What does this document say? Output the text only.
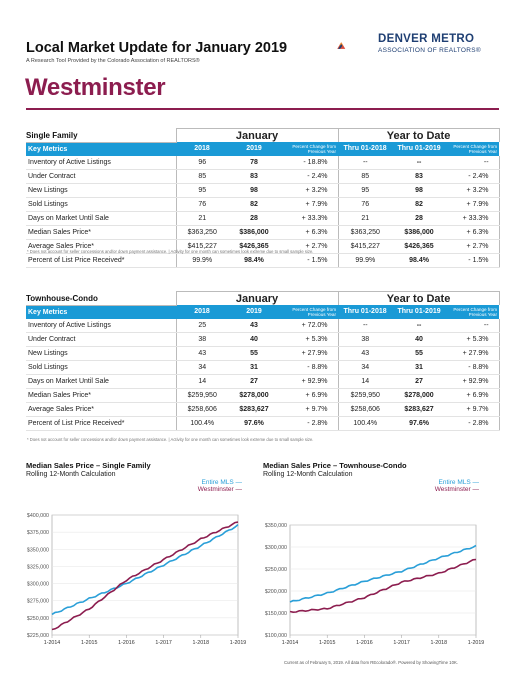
Local Market Update for January 2019
A Research Tool Provided by the Colorado Association of REALTORS®
Westminster
DENVER METRO
ASSOCIATION OF REALTORS®
Single Family	January			Year to Date		
Key Metrics	2018	2019	Percent Change from Previous Year	Thru 01-2018	Thru 01-2019	Percent Change from Previous Year
Inventory of Active Listings	96	78	- 18.8%	--	--	--
Under Contract	85	83	- 2.4%	85	83	- 2.4%
New Listings	95	98	+ 3.2%	95	98	+ 3.2%
Sold Listings	76	82	+ 7.9%	76	82	+ 7.9%
Days on Market Until Sale	21	28	+ 33.3%	21	28	+ 33.3%
Median Sales Price*	$363,250	$386,000	+ 6.3%	$363,250	$386,000	+ 6.3%
Average Sales Price*	$415,227	$426,365	+ 2.7%	$415,227	$426,365	+ 2.7%
Percent of List Price Received*	99.9%	98.4%	- 1.5%	99.9%	98.4%	- 1.5%
* Does not account for seller concessions and/or down payment assistance. | Activity for one month can sometimes look extreme due to small sample size.
Townhouse-Condo	January			Year to Date		
Key Metrics	2018	2019	Percent Change from Previous Year	Thru 01-2018	Thru 01-2019	Percent Change from Previous Year
Inventory of Active Listings	25	43	+ 72.0%	--	--	--
Under Contract	38	40	+ 5.3%	38	40	+ 5.3%
New Listings	43	55	+ 27.9%	43	55	+ 27.9%
Sold Listings	34	31	- 8.8%	34	31	- 8.8%
Days on Market Until Sale	14	27	+ 92.9%	14	27	+ 92.9%
Median Sales Price*	$259,950	$278,000	+ 6.9%	$259,950	$278,000	+ 6.9%
Average Sales Price*	$258,606	$283,627	+ 9.7%	$258,606	$283,627	+ 9.7%
Percent of List Price Received*	100.4%	97.6%	- 2.8%	100.4%	97.6%	- 2.8%
* Does not account for seller concessions and/or down payment assistance. | Activity for one month can sometimes look extreme due to small sample size.
Median Sales Price – Single Family
Rolling 12-Month Calculation
Entire MLS —
Westminster —
$225,000
$250,000
$275,000
$300,000
$325,000
$350,000
$375,000
$400,000
1-2014	1-2015	1-2016	1-2017	1-2018	1-2019
Median Sales Price – Townhouse-Condo
Rolling 12-Month Calculation
Entire MLS —
Westminster —
$100,000
$150,000
$200,000
$250,000
$300,000
$350,000
1-2014	1-2015	1-2016	1-2017	1-2018	1-2019
Current as of February 5, 2019. All data from REcolorado®. Powered by ShowingTime 10K.
